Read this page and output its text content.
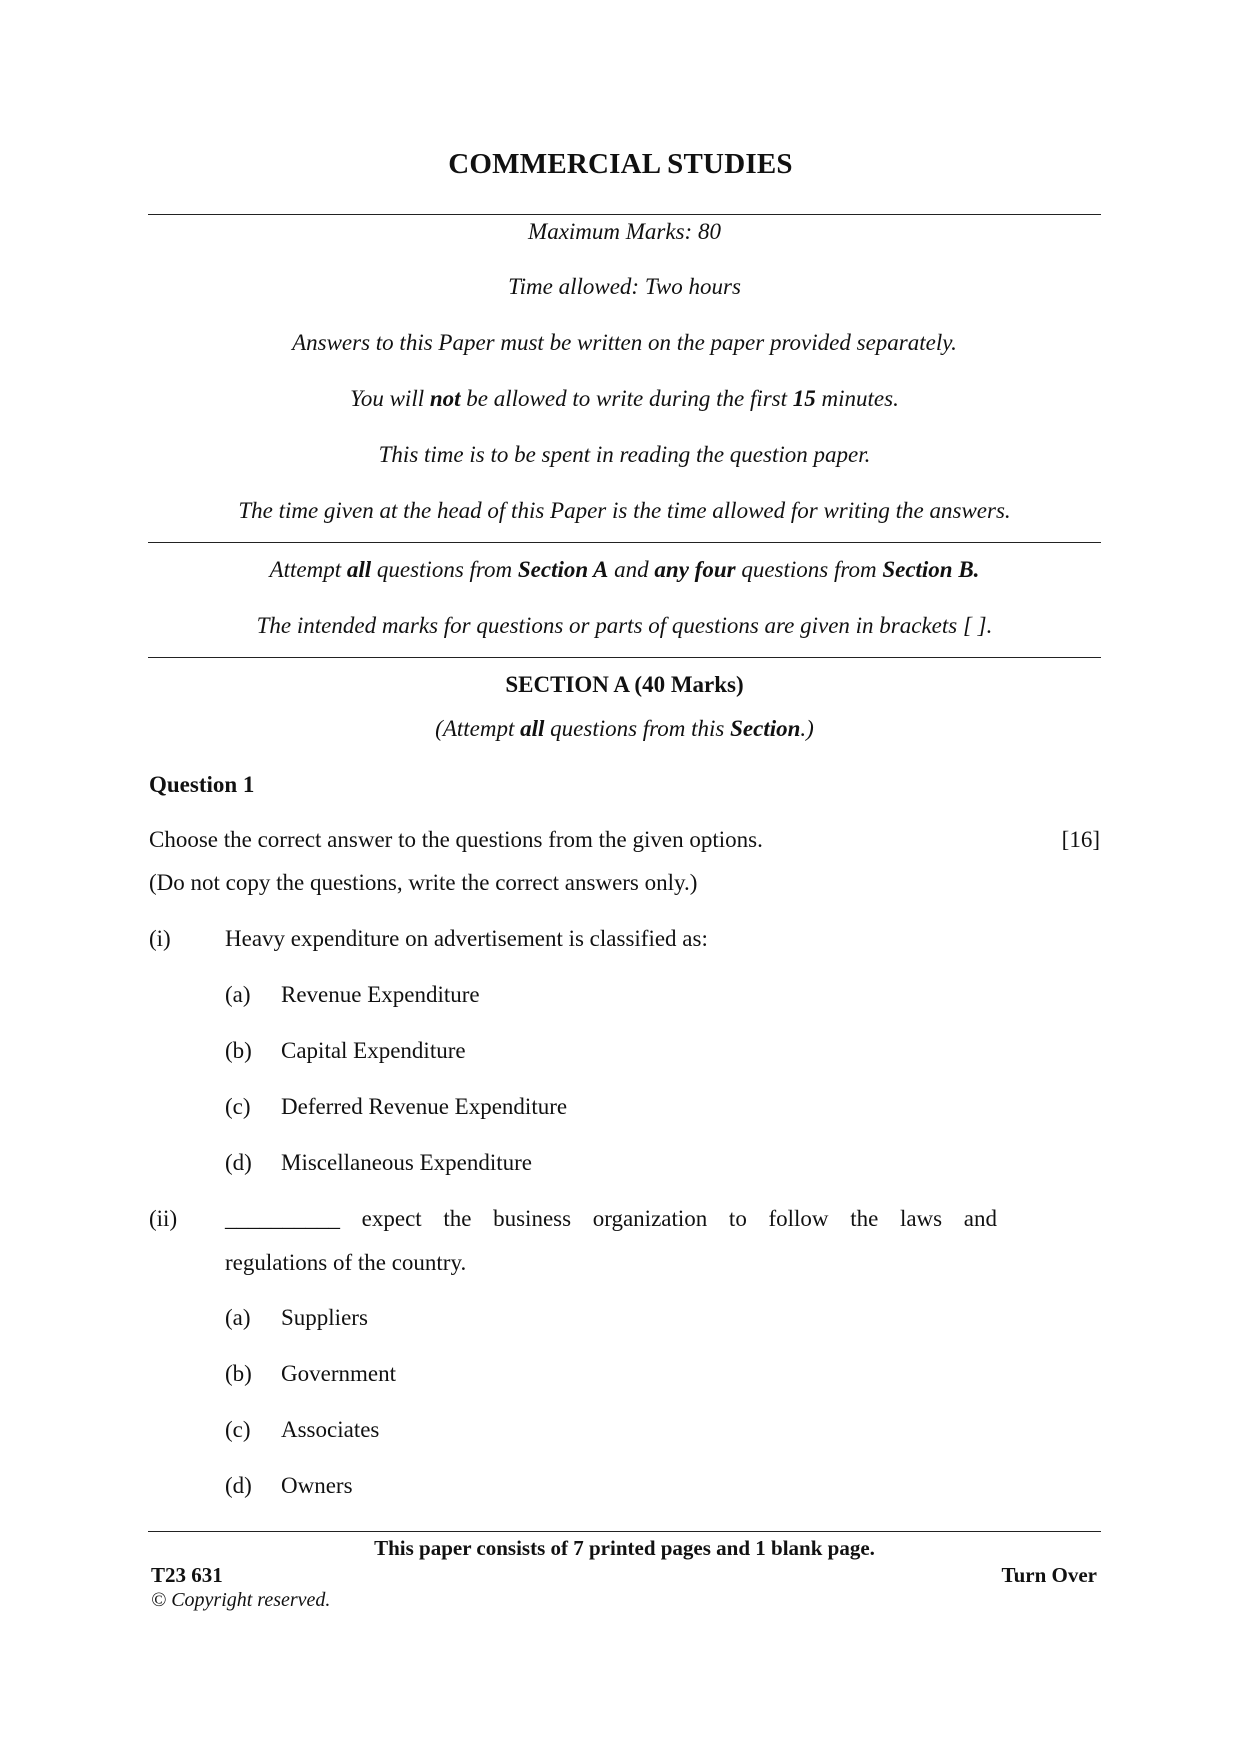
COMMERCIAL STUDIES
Maximum Marks: 80
Time allowed: Two hours
Answers to this Paper must be written on the paper provided separately.
You will not be allowed to write during the first 15 minutes.
This time is to be spent in reading the question paper.
The time given at the head of this Paper is the time allowed for writing the answers.
Attempt all questions from Section A and any four questions from Section B.
The intended marks for questions or parts of questions are given in brackets [ ].
SECTION A (40 Marks)
(Attempt all questions from this Section.)
Question 1
Choose the correct answer to the questions from the given options.	[16]
(Do not copy the questions, write the correct answers only.)
(i) Heavy expenditure on advertisement is classified as:
(a) Revenue Expenditure
(b) Capital Expenditure
(c) Deferred Revenue Expenditure
(d) Miscellaneous Expenditure
(ii) __________ expect the business organization to follow the laws and
regulations of the country.
(a) Suppliers
(b) Government
(c) Associates
(d) Owners
This paper consists of 7 printed pages and 1 blank page.
T23 631	Turn Over
© Copyright reserved.
